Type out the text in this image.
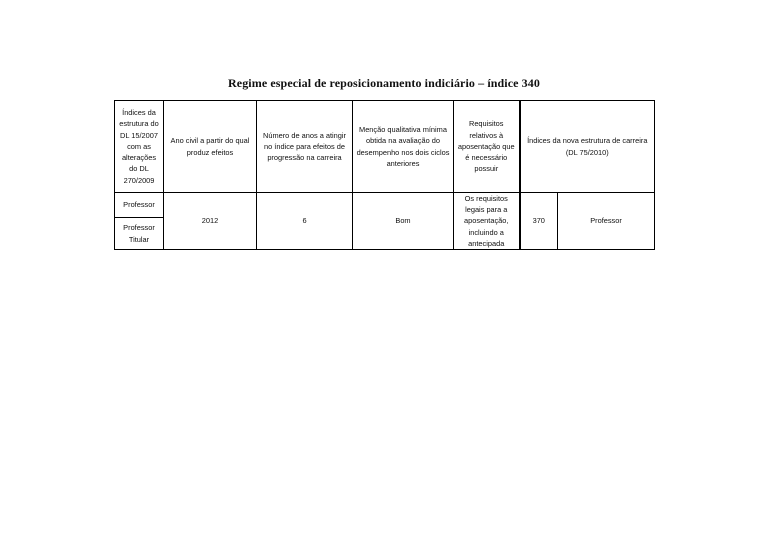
Regime especial de reposicionamento indiciário – índice 340
Índices da estrutura do DL 15/2007 com as alterações do DL 270/2009	Ano civil a partir do qual produz efeitos	Número de anos a atingir no índice para efeitos de progressão na carreira	Menção qualitativa mínima obtida na avaliação do desempenho nos dois ciclos anteriores	Requisitos relativos à aposentação que é necessário possuir	Índices da nova estrutura de carreira (DL 75/2010)	
Professor	2012	6	Bom	Os requisitos legais para a aposentação, incluindo a antecipada	370	Professor
Professor Titular						
